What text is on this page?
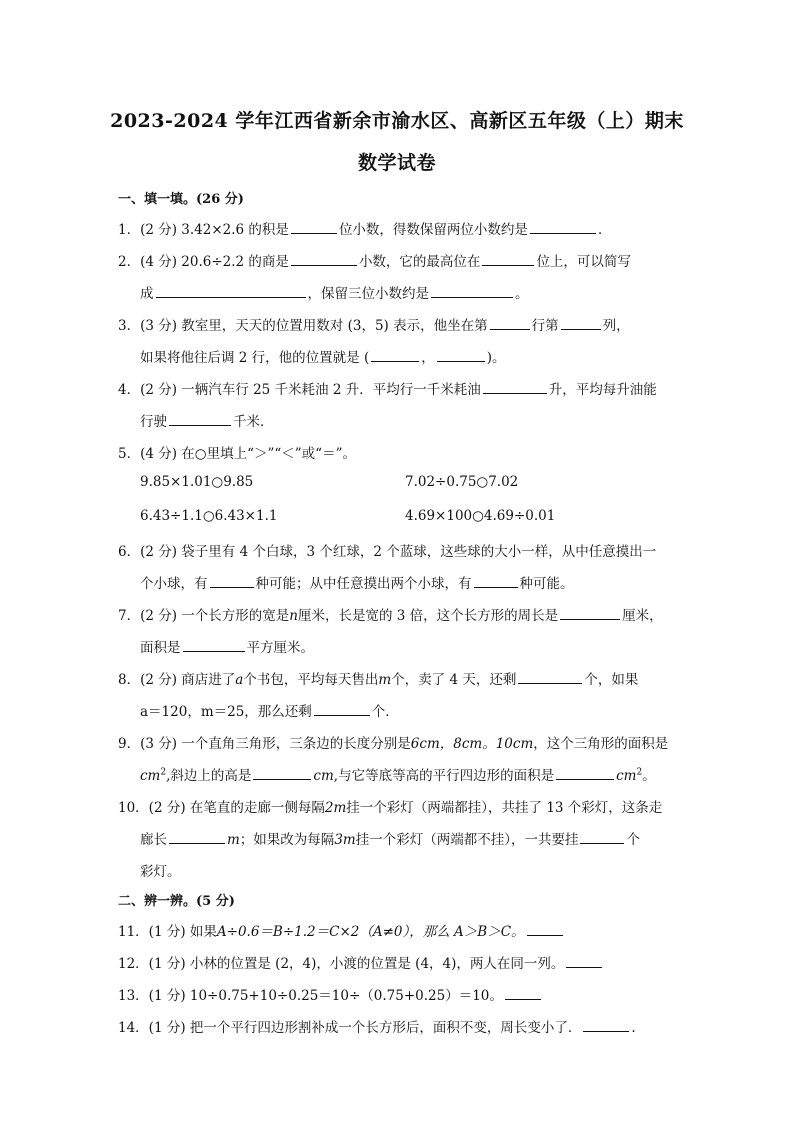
2023-2024 学年江西省新余市渝水区、高新区五年级（上）期末
数学试卷
一、填一填。(26 分)
1．(2 分) 3.42×2.6 的积是	位小数，得数保留两位小数约是	．
2．(4 分) 20.6÷2.2 的商是	小数，它的最高位在	位上，可以简写
成	，保留三位小数约是	。
3．(3 分) 教室里，天天的位置用数对 (3，5) 表示，他坐在第	行第	列，
如果将他往后调 2 行，他的位置就是 (	，	)。
4．(2 分) 一辆汽车行 25 千米耗油 2 升．平均行一千米耗油	升，平均每升油能
行驶	千米．
5．(4 分) 在○里填上“＞”“＜”或“＝”。
9.85×1.01○9.85	7.02÷0.75○7.02
6.43÷1.1○6.43×1.1	4.69×100○4.69÷0.01
6．(2 分) 袋子里有 4 个白球，3 个红球，2 个蓝球，这些球的大小一样，从中任意摸出一
个小球，有	种可能；从中任意摸出两个小球，有	种可能。
7．(2 分) 一个长方形的宽是n厘米，长是宽的 3 倍，这个长方形的周长是	厘米，
面积是	平方厘米。
8．(2 分) 商店进了a个书包，平均每天售出m个，卖了 4 天，还剩	个，如果
a＝120，m＝25，那么还剩	个．
9．(3 分) 一个直角三角形，三条边的长度分别是6cm，8cm。10cm，这个三角形的面积是
$cm^2$,斜边上的高是	cm,与它等底等高的平行四边形的面积是	$cm^2$。
10．(2 分) 在笔直的走廊一侧每隔2m挂一个彩灯（两端都挂），共挂了 13 个彩灯，这条走
廊长	m；如果改为每隔3m挂一个彩灯（两端都不挂），一共要挂	个
彩灯。
二、辨一辨。(5 分)
11．(1 分) 如果A÷0.6＝B÷1.2＝C×2（A≠0），那么 A＞B＞C。
12．(1 分) 小林的位置是 (2，4)，小渡的位置是 (4，4)，两人在同一列。
13．(1 分) 10÷0.75+10÷0.25＝10÷（0.75+0.25）＝10。
14．(1 分) 把一个平行四边形割补成一个长方形后，面积不变，周长变小了．	.
